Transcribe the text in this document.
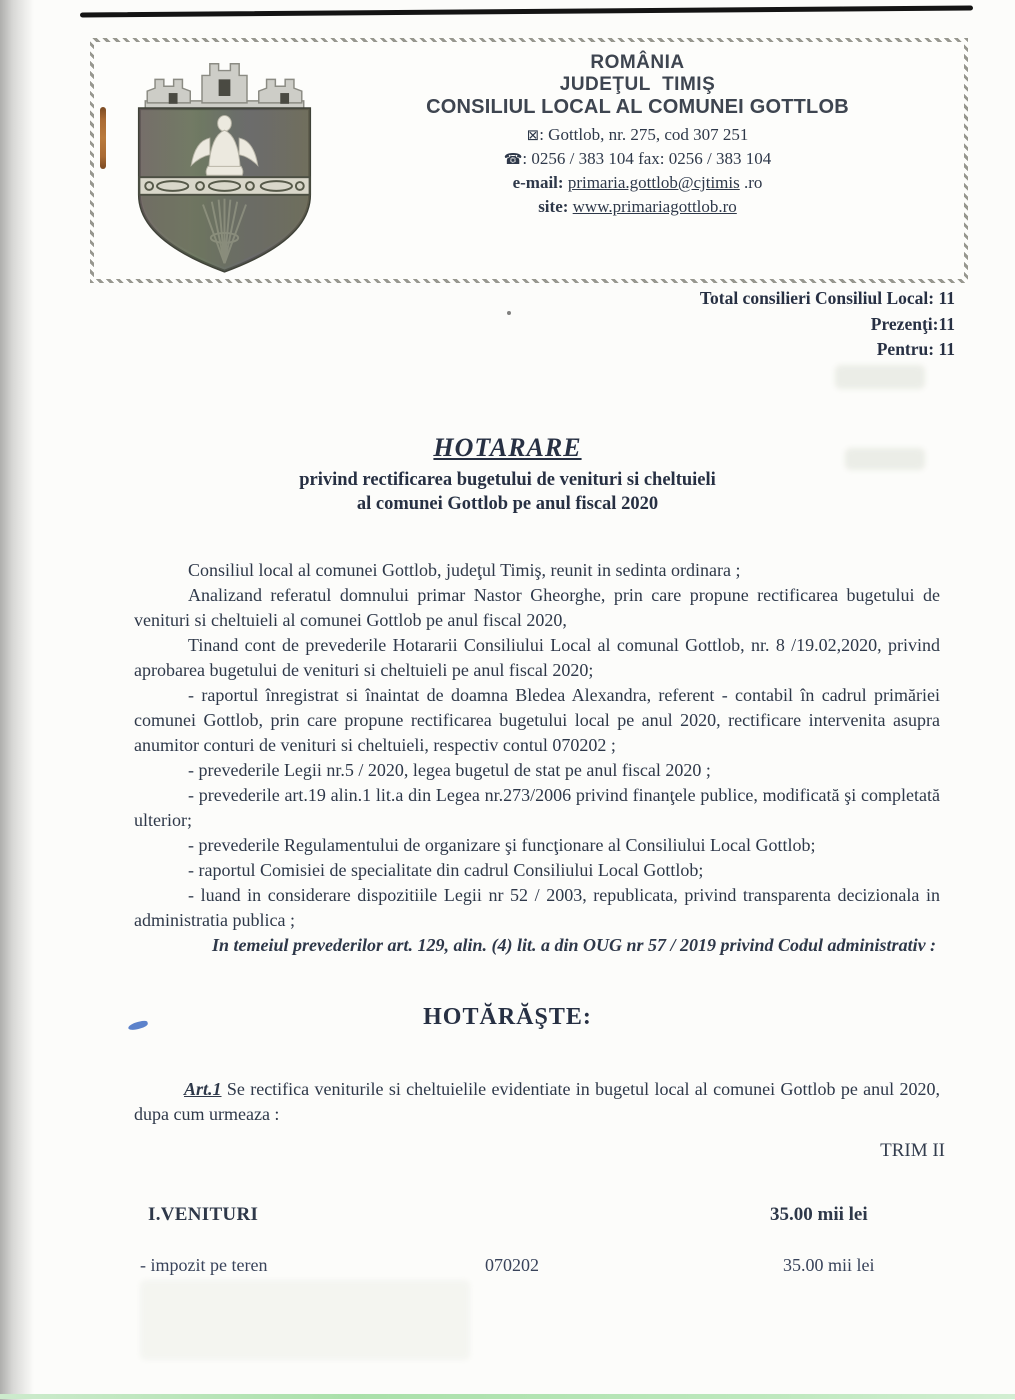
ROMÂNIA
JUDEŢUL  TIMIŞ
CONSILIUL LOCAL AL COMUNEI GOTTLOB
⊠: Gottlob, nr. 275, cod 307 251
☎: 0256 / 383 104 fax: 0256 / 383 104
e-mail: primaria.gottlob@cjtimis .ro
site: www.primariagottlob.ro
Total consilieri Consiliul Local: 11
Prezenţi:11
Pentru: 11
HOTARARE
privind rectificarea bugetului de venituri si cheltuieli
al comunei Gottlob pe anul fiscal 2020

Consiliul local al comunei Gottlob, judeţul Timiş, reunit in sedinta ordinara ;

Analizand referatul domnului primar Nastor Gheorghe, prin care propune rectificarea bugetului de venituri si cheltuieli al comunei Gottlob pe anul fiscal 2020,

Tinand cont de prevederile Hotararii Consiliului Local al comunal Gottlob, nr. 8 /19.02,2020, privind aprobarea bugetului de venituri si cheltuieli pe anul fiscal 2020;

- raportul înregistrat si înaintat de doamna Bledea Alexandra, referent - contabil în cadrul primăriei comunei Gottlob, prin care propune rectificarea bugetului local pe anul 2020, rectificare intervenita asupra anumitor conturi de venituri si cheltuieli, respectiv contul 070202 ;

- prevederile Legii nr.5 / 2020, legea bugetul de stat pe anul fiscal 2020 ;

- prevederile art.19 alin.1 lit.a din Legea nr.273/2006 privind finanţele publice, modificată şi completată ulterior;

- prevederile Regulamentului de organizare şi funcţionare al Consiliului Local Gottlob;

- raportul Comisiei de specialitate din cadrul Consiliului Local Gottlob;

- luand in considerare dispozitiile Legii nr 52 / 2003, republicata, privind transparenta decizionala in administratia publica ;

In temeiul prevederilor art. 129, alin. (4) lit. a din OUG nr 57 / 2019 privind Codul administrativ :

HOTĂRĂŞTE:

Art.1 Se rectifica veniturile si cheltuielile evidentiate in bugetul local al comunei Gottlob pe anul 2020, dupa cum urmeaza :

TRIM II
I.VENITURI	35.00 mii lei
- impozit pe teren	070202	35.00 mii lei
